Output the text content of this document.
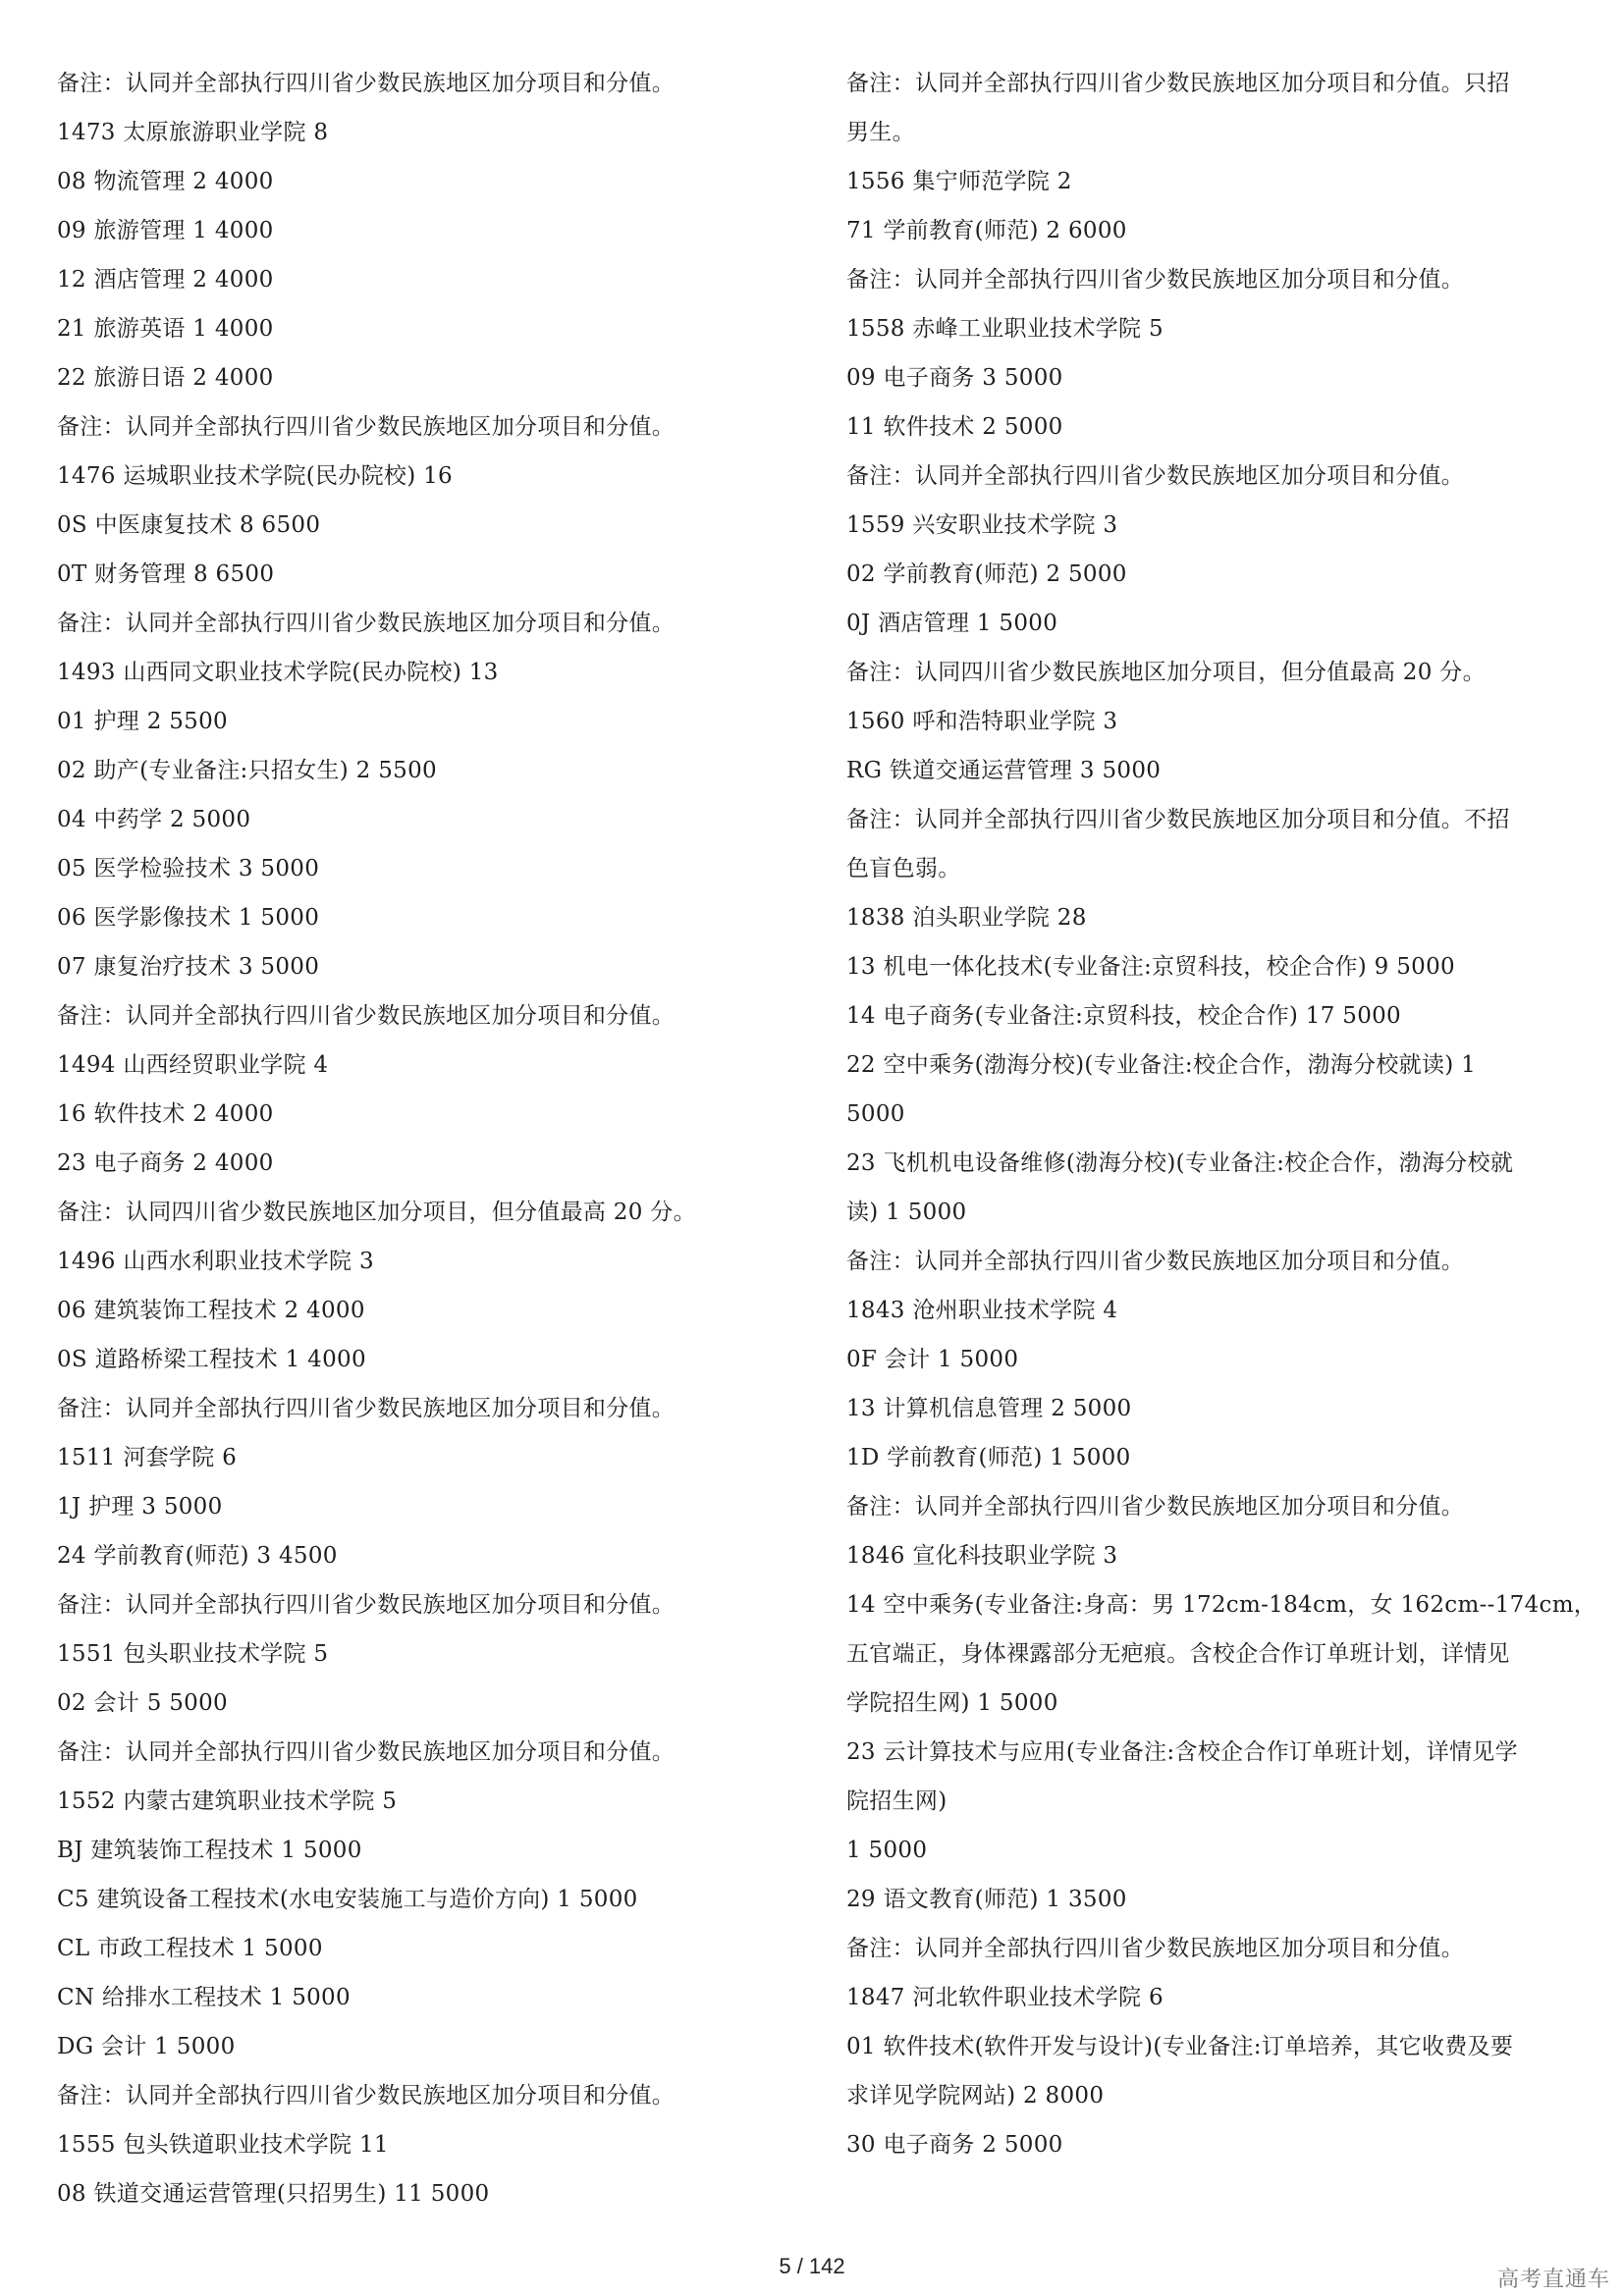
备注：认同并全部执行四川省少数民族地区加分项目和分值。
1473 太原旅游职业学院 8
08 物流管理 2 4000
09 旅游管理 1 4000
12 酒店管理 2 4000
21 旅游英语 1 4000
22 旅游日语 2 4000
备注：认同并全部执行四川省少数民族地区加分项目和分值。
1476 运城职业技术学院(民办院校) 16
0S 中医康复技术 8 6500
0T 财务管理 8 6500
备注：认同并全部执行四川省少数民族地区加分项目和分值。
1493 山西同文职业技术学院(民办院校) 13
01 护理 2 5500
02 助产(专业备注:只招女生) 2 5500
04 中药学 2 5000
05 医学检验技术 3 5000
06 医学影像技术 1 5000
07 康复治疗技术 3 5000
备注：认同并全部执行四川省少数民族地区加分项目和分值。
1494 山西经贸职业学院 4
16 软件技术 2 4000
23 电子商务 2 4000
备注：认同四川省少数民族地区加分项目，但分值最高 20 分。
1496 山西水利职业技术学院 3
06 建筑装饰工程技术 2 4000
0S 道路桥梁工程技术 1 4000
备注：认同并全部执行四川省少数民族地区加分项目和分值。
1511 河套学院 6
1J 护理 3 5000
24 学前教育(师范) 3 4500
备注：认同并全部执行四川省少数民族地区加分项目和分值。
1551 包头职业技术学院 5
02 会计 5 5000
备注：认同并全部执行四川省少数民族地区加分项目和分值。
1552 内蒙古建筑职业技术学院 5
BJ 建筑装饰工程技术 1 5000
C5 建筑设备工程技术(水电安装施工与造价方向) 1 5000
CL 市政工程技术 1 5000
CN 给排水工程技术 1 5000
DG 会计 1 5000
备注：认同并全部执行四川省少数民族地区加分项目和分值。
1555 包头铁道职业技术学院 11
08 铁道交通运营管理(只招男生) 11 5000
备注：认同并全部执行四川省少数民族地区加分项目和分值。只招
男生。
1556 集宁师范学院 2
71 学前教育(师范) 2 6000
备注：认同并全部执行四川省少数民族地区加分项目和分值。
1558 赤峰工业职业技术学院 5
09 电子商务 3 5000
11 软件技术 2 5000
备注：认同并全部执行四川省少数民族地区加分项目和分值。
1559 兴安职业技术学院 3
02 学前教育(师范) 2 5000
0J 酒店管理 1 5000
备注：认同四川省少数民族地区加分项目，但分值最高 20 分。
1560 呼和浩特职业学院 3
RG 铁道交通运营管理 3 5000
备注：认同并全部执行四川省少数民族地区加分项目和分值。不招
色盲色弱。
1838 泊头职业学院 28
13 机电一体化技术(专业备注:京贸科技，校企合作) 9 5000
14 电子商务(专业备注:京贸科技，校企合作) 17 5000
22 空中乘务(渤海分校)(专业备注:校企合作，渤海分校就读) 1
5000
23 飞机机电设备维修(渤海分校)(专业备注:校企合作，渤海分校就
读) 1 5000
备注：认同并全部执行四川省少数民族地区加分项目和分值。
1843 沧州职业技术学院 4
0F 会计 1 5000
13 计算机信息管理 2 5000
1D 学前教育(师范) 1 5000
备注：认同并全部执行四川省少数民族地区加分项目和分值。
1846 宣化科技职业学院 3
14 空中乘务(专业备注:身高：男 172cm-184cm，女 162cm--174cm，
五官端正，身体裸露部分无疤痕。含校企合作订单班计划，详情见
学院招生网) 1 5000
23 云计算技术与应用(专业备注:含校企合作订单班计划，详情见学
院招生网)
1 5000
29 语文教育(师范) 1 3500
备注：认同并全部执行四川省少数民族地区加分项目和分值。
1847 河北软件职业技术学院 6
01 软件技术(软件开发与设计)(专业备注:订单培养，其它收费及要
求详见学院网站) 2 8000
30 电子商务 2 5000
5 / 142
高考直通车
